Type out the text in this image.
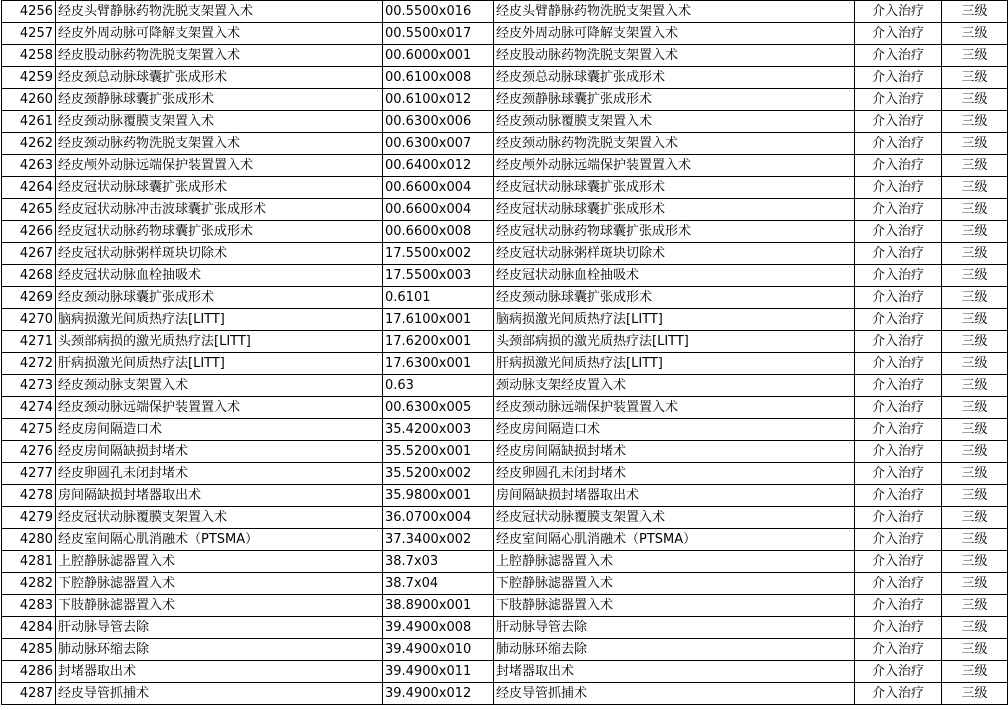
4256	经皮头臂静脉药物洗脱支架置入术	00.5500x016	经皮头臂静脉药物洗脱支架置入术	介入治疗	三级
4257	经皮外周动脉可降解支架置入术	00.5500x017	经皮外周动脉可降解支架置入术	介入治疗	三级
4258	经皮股动脉药物洗脱支架置入术	00.6000x001	经皮股动脉药物洗脱支架置入术	介入治疗	三级
4259	经皮颈总动脉球囊扩张成形术	00.6100x008	经皮颈总动脉球囊扩张成形术	介入治疗	三级
4260	经皮颈静脉球囊扩张成形术	00.6100x012	经皮颈静脉球囊扩张成形术	介入治疗	三级
4261	经皮颈动脉覆膜支架置入术	00.6300x006	经皮颈动脉覆膜支架置入术	介入治疗	三级
4262	经皮颈动脉药物洗脱支架置入术	00.6300x007	经皮颈动脉药物洗脱支架置入术	介入治疗	三级
4263	经皮颅外动脉远端保护装置置入术	00.6400x012	经皮颅外动脉远端保护装置置入术	介入治疗	三级
4264	经皮冠状动脉球囊扩张成形术	00.6600x004	经皮冠状动脉球囊扩张成形术	介入治疗	三级
4265	经皮冠状动脉冲击波球囊扩张成形术	00.6600x004	经皮冠状动脉球囊扩张成形术	介入治疗	三级
4266	经皮冠状动脉药物球囊扩张成形术	00.6600x008	经皮冠状动脉药物球囊扩张成形术	介入治疗	三级
4267	经皮冠状动脉粥样斑块切除术	17.5500x002	经皮冠状动脉粥样斑块切除术	介入治疗	三级
4268	经皮冠状动脉血栓抽吸术	17.5500x003	经皮冠状动脉血栓抽吸术	介入治疗	三级
4269	经皮颈动脉球囊扩张成形术	0.6101	经皮颈动脉球囊扩张成形术	介入治疗	三级
4270	脑病损激光间质热疗法[LITT]	17.6100x001	脑病损激光间质热疗法[LITT]	介入治疗	三级
4271	头颈部病损的激光质热疗法[LITT]	17.6200x001	头颈部病损的激光质热疗法[LITT]	介入治疗	三级
4272	肝病损激光间质热疗法[LITT]	17.6300x001	肝病损激光间质热疗法[LITT]	介入治疗	三级
4273	经皮颈动脉支架置入术	0.63	颈动脉支架经皮置入术	介入治疗	三级
4274	经皮颈动脉远端保护装置置入术	00.6300x005	经皮颈动脉远端保护装置置入术	介入治疗	三级
4275	经皮房间隔造口术	35.4200x003	经皮房间隔造口术	介入治疗	三级
4276	经皮房间隔缺损封堵术	35.5200x001	经皮房间隔缺损封堵术	介入治疗	三级
4277	经皮卵圆孔未闭封堵术	35.5200x002	经皮卵圆孔未闭封堵术	介入治疗	三级
4278	房间隔缺损封堵器取出术	35.9800x001	房间隔缺损封堵器取出术	介入治疗	三级
4279	经皮冠状动脉覆膜支架置入术	36.0700x004	经皮冠状动脉覆膜支架置入术	介入治疗	三级
4280	经皮室间隔心肌消融术（PTSMA）	37.3400x002	经皮室间隔心肌消融术（PTSMA）	介入治疗	三级
4281	上腔静脉滤器置入术	38.7x03	上腔静脉滤器置入术	介入治疗	三级
4282	下腔静脉滤器置入术	38.7x04	下腔静脉滤器置入术	介入治疗	三级
4283	下肢静脉滤器置入术	38.8900x001	下肢静脉滤器置入术	介入治疗	三级
4284	肝动脉导管去除	39.4900x008	肝动脉导管去除	介入治疗	三级
4285	肺动脉环缩去除	39.4900x010	肺动脉环缩去除	介入治疗	三级
4286	封堵器取出术	39.4900x011	封堵器取出术	介入治疗	三级
4287	经皮导管抓捕术	39.4900x012	经皮导管抓捕术	介入治疗	三级
